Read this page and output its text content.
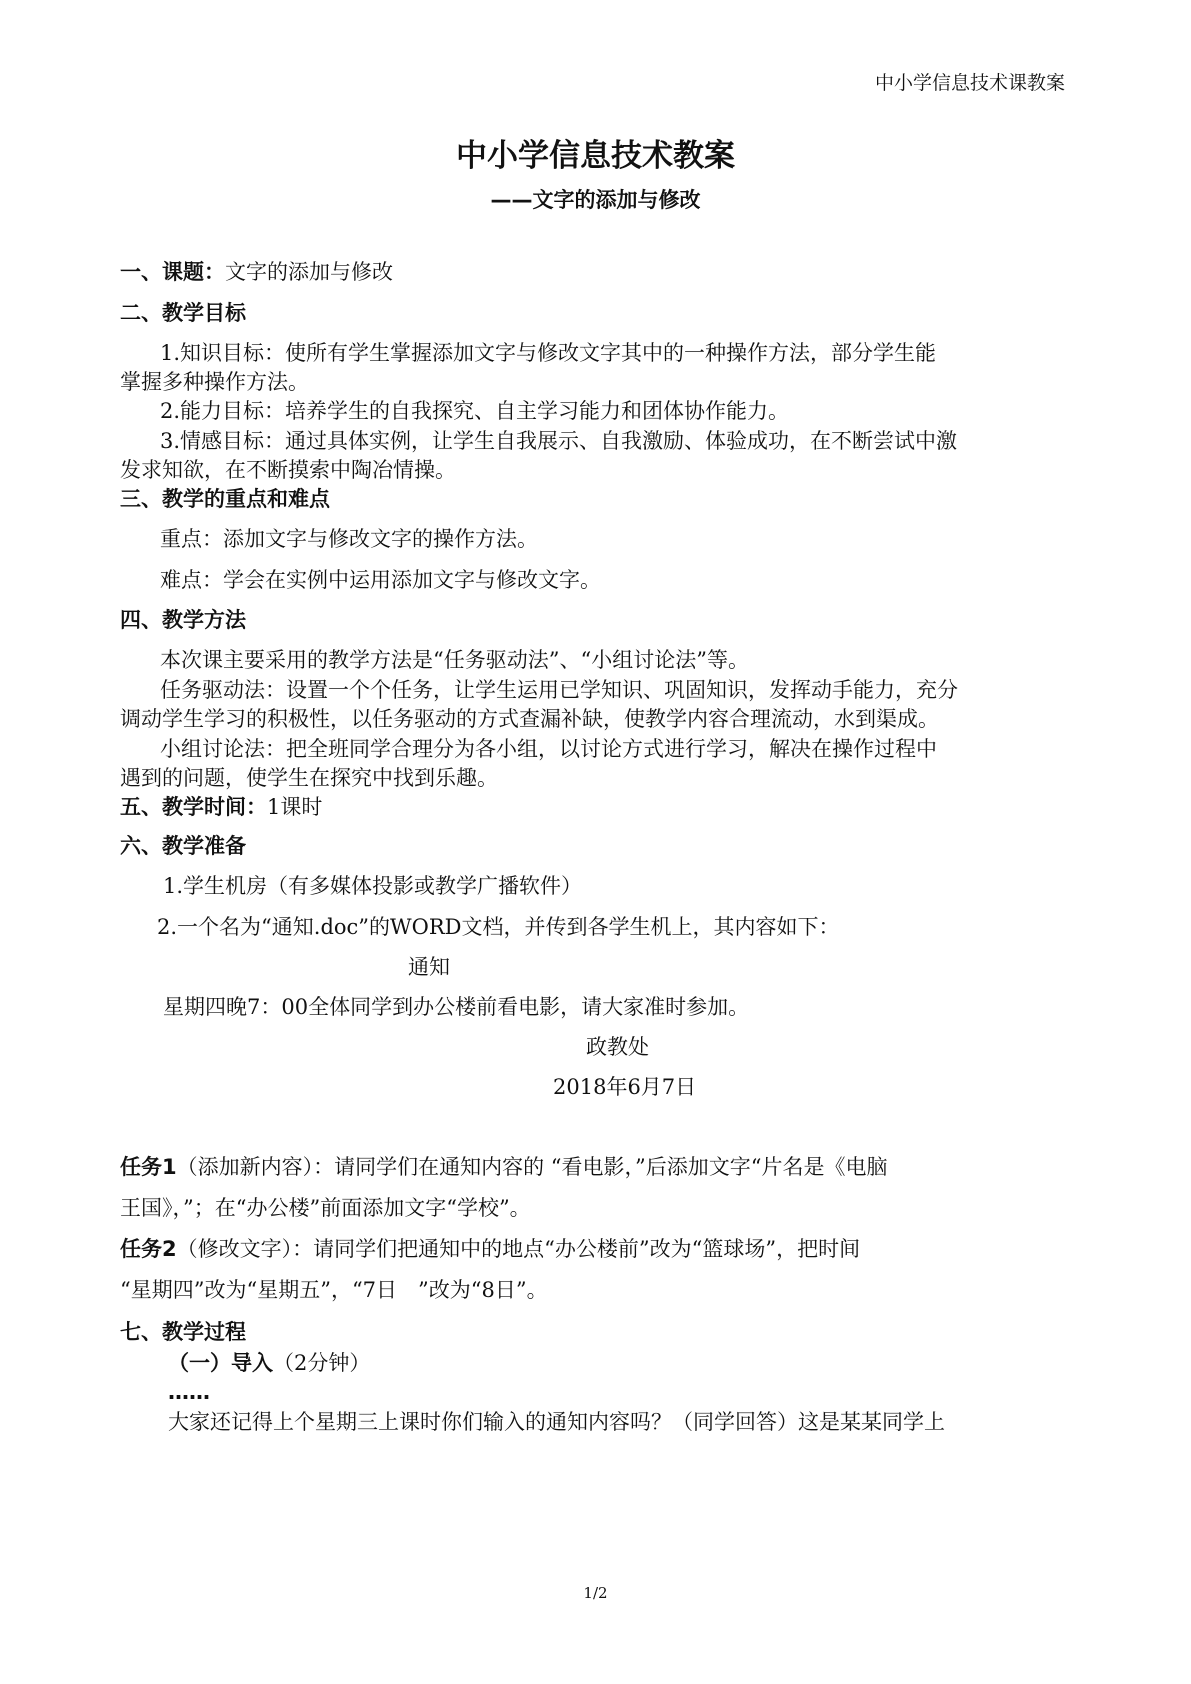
中小学信息技术课教案
中小学信息技术教案
——文字的添加与修改
一、课题：文字的添加与修改
二、教学目标
1.知识目标：使所有学生掌握添加文字与修改文字其中的一种操作方法，部分学生能
掌握多种操作方法。
2.能力目标：培养学生的自我探究、自主学习能力和团体协作能力。
3.情感目标：通过具体实例，让学生自我展示、自我激励、体验成功，在不断尝试中激
发求知欲，在不断摸索中陶冶情操。
三、教学的重点和难点
重点：添加文字与修改文字的操作方法。
难点：学会在实例中运用添加文字与修改文字。
四、教学方法
本次课主要采用的教学方法是“任务驱动法”、“小组讨论法”等。
任务驱动法：设置一个个任务，让学生运用已学知识、巩固知识，发挥动手能力，充分
调动学生学习的积极性，以任务驱动的方式查漏补缺，使教学内容合理流动，水到渠成。
小组讨论法：把全班同学合理分为各小组，以讨论方式进行学习，解决在操作过程中
遇到的问题，使学生在探究中找到乐趣。
五、教学时间：1课时
六、教学准备
1.学生机房（有多媒体投影或教学广播软件）
2.一个名为“通知.doc”的WORD文档，并传到各学生机上，其内容如下：
通知
星期四晚7：00全体同学到办公楼前看电影，请大家准时参加。
政教处
2018年6月7日
任务1（添加新内容）：请同学们在通知内容的 “看电影，”后添加文字“片名是《电脑
王国》，”；在“办公楼”前面添加文字“学校”。
任务2（修改文字）：请同学们把通知中的地点“办公楼前”改为“篮球场”，把时间
“星期四”改为“星期五”，“7日　”改为“8日”。
七、教学过程
（一）导入（2分钟）
……
大家还记得上个星期三上课时你们输入的通知内容吗？（同学回答）这是某某同学上
1/2
